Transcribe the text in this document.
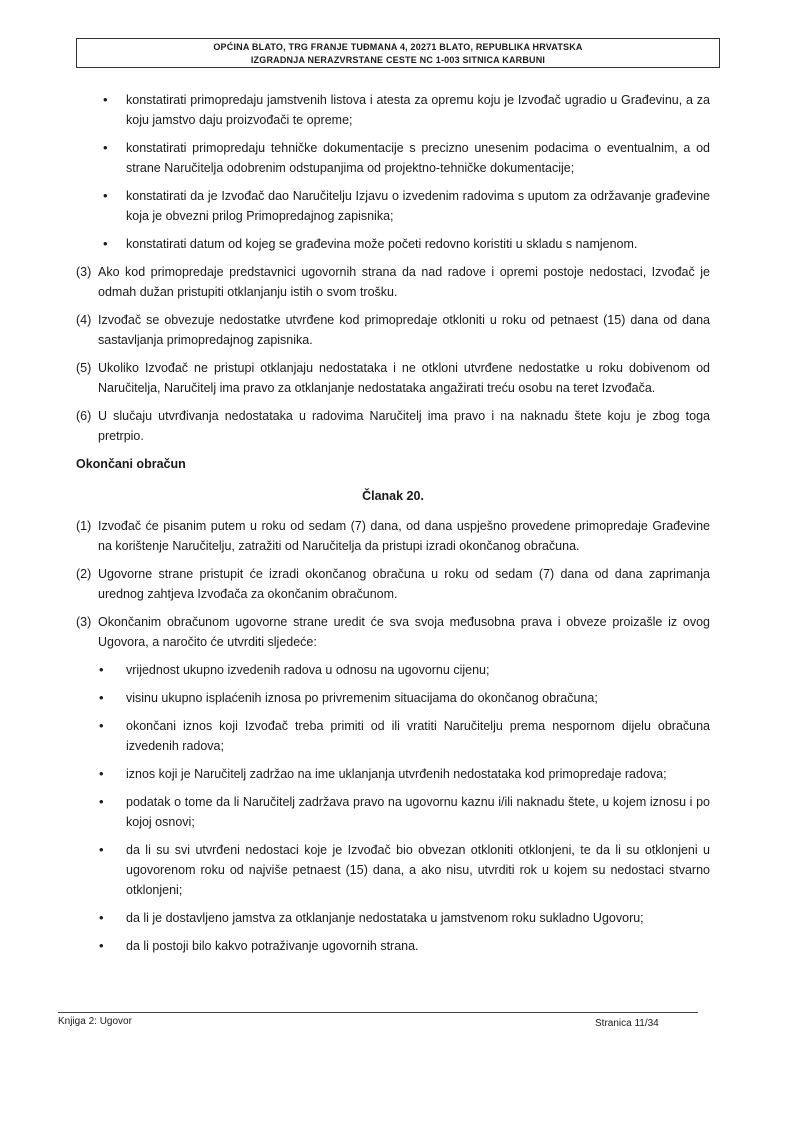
OPĆINA BLATO, TRG FRANJE TUĐMANA 4, 20271 BLATO, REPUBLIKA HRVATSKA
IZGRADNJA NERAZVRSTANE CESTE NC 1-003 SITNICA KARBUNI
• konstatirati primopredaju jamstvenih listova i atesta za opremu koju je Izvođač ugradio u Građevinu, a za koju jamstvo daju proizvođači te opreme;
• konstatirati primopredaju tehničke dokumentacije s precizno unesenim podacima o eventualnim, a od strane Naručitelja odobrenim odstupanjima od projektno-tehničke dokumentacije;
• konstatirati da je Izvođač dao Naručitelju Izjavu o izvedenim radovima s uputom za održavanje građevine koja je obvezni prilog Primopredajnog zapisnika;
• konstatirati datum od kojeg se građevina može početi redovno koristiti u skladu s namjenom.
(3) Ako kod primopredaje predstavnici ugovornih strana da nad radove i opremi postoje nedostaci, Izvođač je odmah dužan pristupiti otklanjanju istih o svom trošku.
(4) Izvođač se obvezuje nedostatke utvrđene kod primopredaje otkloniti u roku od petnaest (15) dana od dana sastavljanja primopredajnog zapisnika.
(5) Ukoliko Izvođač ne pristupi otklanjaju nedostataka i ne otkloni utvrđene nedostatke u roku dobivenom od Naručitelja, Naručitelj ima pravo za otklanjanje nedostataka angažirati treću osobu na teret Izvođača.
(6) U slučaju utvrđivanja nedostataka u radovima Naručitelj ima pravo i na naknadu štete koju je zbog toga pretrpio.
Okončani obračun
Članak 20.
(1) Izvođač će pisanim putem u roku od sedam (7) dana, od dana uspješno provedene primopredaje Građevine na korištenje Naručitelju, zatražiti od Naručitelja da pristupi izradi okončanog obračuna.
(2) Ugovorne strane pristupit će izradi okončanog obračuna u roku od sedam (7) dana od dana zaprimanja urednog zahtjeva Izvođača za okončanim obračunom.
(3) Okončanim obračunom ugovorne strane uredit će sva svoja međusobna prava i obveze proizašle iz ovog Ugovora, a naročito će utvrditi sljedeće:
• vrijednost ukupno izvedenih radova u odnosu na ugovornu cijenu;
• visinu ukupno isplaćenih iznosa po privremenim situacijama do okončanog obračuna;
• okončani iznos koji Izvođač treba primiti od ili vratiti Naručitelju prema nespornom dijelu obračuna izvedenih radova;
• iznos koji je Naručitelj zadržao na ime uklanjanja utvrđenih nedostataka kod primopredaje radova;
• podatak o tome da li Naručitelj zadržava pravo na ugovornu kaznu i/ili naknadu štete, u kojem iznosu i po kojoj osnovi;
• da li su svi utvrđeni nedostaci koje je Izvođač bio obvezan otkloniti otklonjeni, te da li su otklonjeni u ugovorenom roku od najviše petnaest (15) dana, a ako nisu, utvrditi rok u kojem su nedostaci stvarno otklonjeni;
• da li je dostavljeno jamstva za otklanjanje nedostataka u jamstvenom roku sukladno Ugovoru;
• da li postoji bilo kakvo potraživanje ugovornih strana.
Knjiga 2: Ugovor	Stranica 11/34
